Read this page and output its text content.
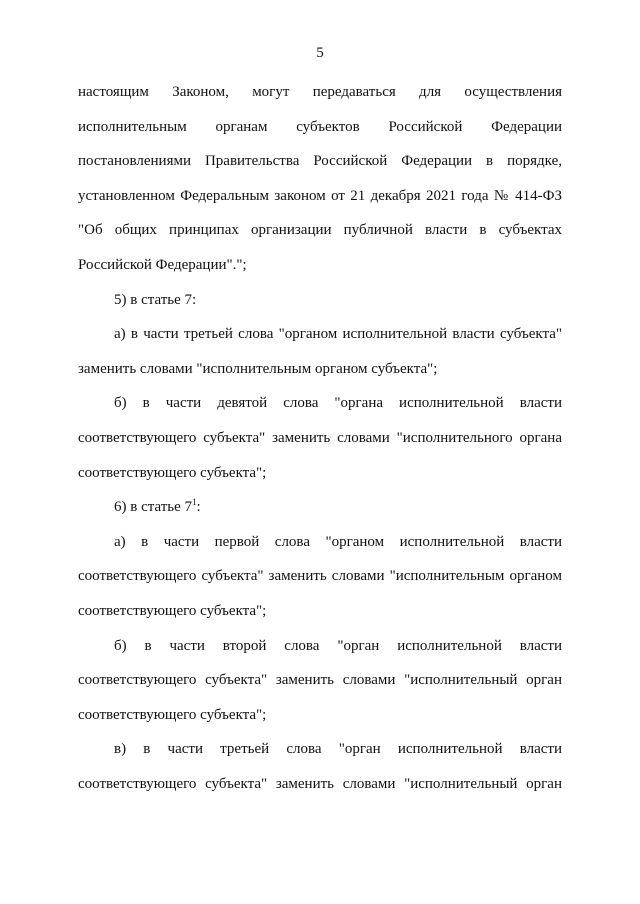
5
настоящим Законом, могут передаваться для осуществления
исполнительным органам субъектов Российской Федерации
постановлениями Правительства Российской Федерации в порядке,
установленном Федеральным законом от 21 декабря 2021 года № 414-ФЗ
"Об общих принципах организации публичной власти в субъектах
Российской Федерации".";
5) в статье 7:
а) в части третьей слова "органом исполнительной власти субъекта"
заменить словами "исполнительным органом субъекта";
б) в части девятой слова "органа исполнительной власти
соответствующего субъекта" заменить словами "исполнительного органа
соответствующего субъекта";
6) в статье $7^1$:
а) в части первой слова "органом исполнительной власти
соответствующего субъекта" заменить словами "исполнительным органом
соответствующего субъекта";
б) в части второй слова "орган исполнительной власти
соответствующего субъекта" заменить словами "исполнительный орган
соответствующего субъекта";
в) в части третьей слова "орган исполнительной власти
соответствующего субъекта" заменить словами "исполнительный орган
